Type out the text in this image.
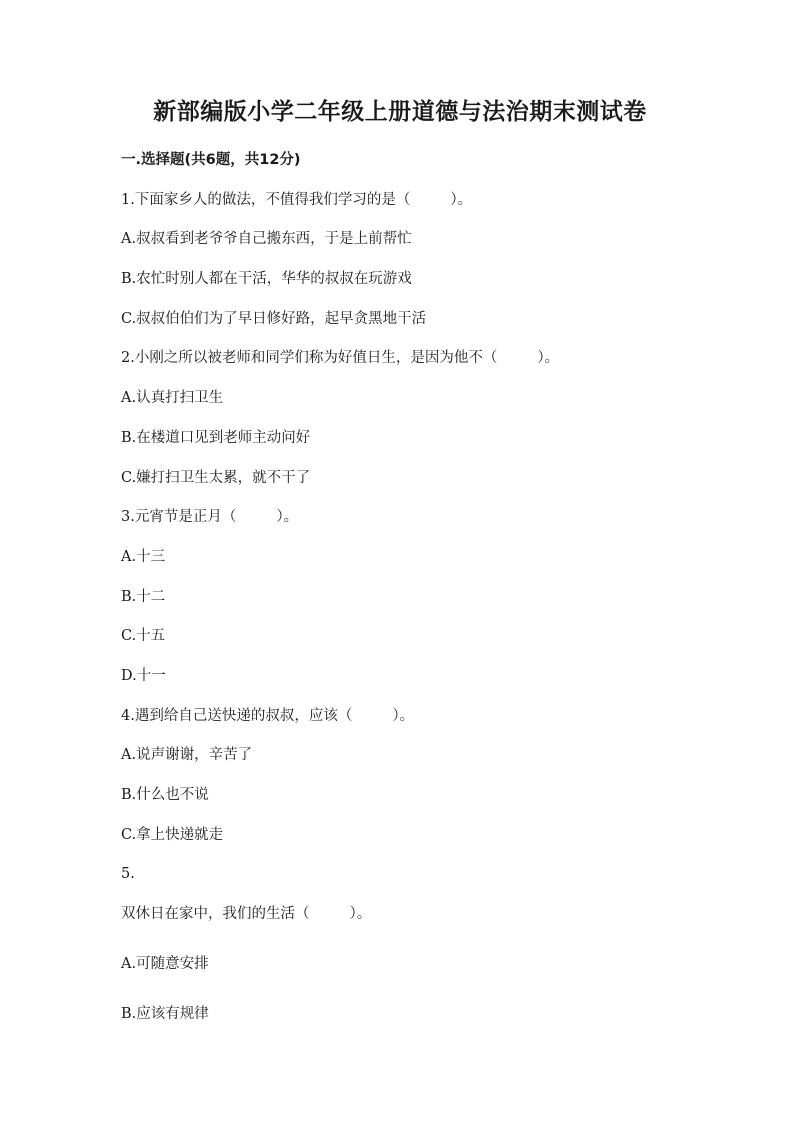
新部编版小学二年级上册道德与法治期末测试卷
一.选择题(共6题，共12分)
1.下面家乡人的做法，不值得我们学习的是（	）。
A.叔叔看到老爷爷自己搬东西，于是上前帮忙
B.农忙时别人都在干活，华华的叔叔在玩游戏
C.叔叔伯伯们为了早日修好路，起早贪黑地干活
2.小刚之所以被老师和同学们称为好值日生，是因为他不（	）。
A.认真打扫卫生
B.在楼道口见到老师主动问好
C.嫌打扫卫生太累，就不干了
3.元宵节是正月（	）。
A.十三
B.十二
C.十五
D.十一
4.遇到给自己送快递的叔叔，应该（	）。
A.说声谢谢，辛苦了
B.什么也不说
C.拿上快递就走
5.
双休日在家中，我们的生活（	）。
A.可随意安排
B.应该有规律
